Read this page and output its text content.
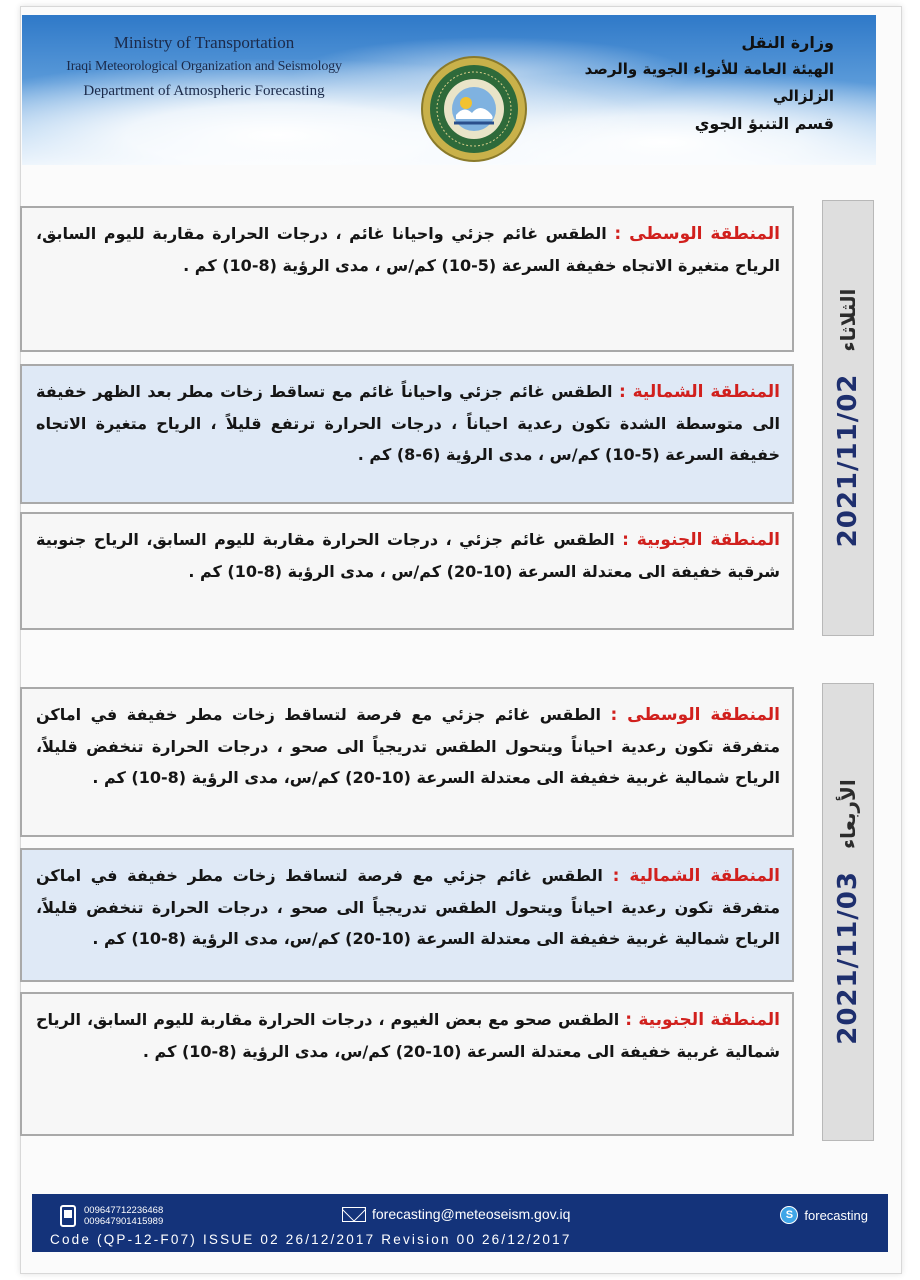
Ministry of Transportation
Iraqi Meteorological Organization and Seismology
Department of Atmospheric Forecasting
وزارة النقل
الهيئة العامة للأنواء الجوية والرصد الزلزالي
قسم التنبؤ الجوي
المنطقة الوسطى : الطقس غائم جزئي واحيانا غائم ، درجات الحرارة مقاربة لليوم السابق، الرياح متغيرة الاتجاه خفيفة السرعة (5-10) كم/س ، مدى الرؤية (8-10) كم .
المنطقة الشمالية : الطقس غائم جزئي واحياناً غائم مع تساقط زخات مطر بعد الظهر خفيفة الى متوسطة الشدة تكون رعدية احياناً ، درجات الحرارة ترتفع قليلاً ، الرياح متغيرة الاتجاه خفيفة السرعة (5-10) كم/س ، مدى الرؤية (6-8) كم .
المنطقة الجنوبية : الطقس غائم جزئي ، درجات الحرارة مقاربة لليوم السابق، الرياح جنوبية شرقية خفيفة الى معتدلة السرعة (10-20) كم/س ، مدى الرؤية (8-10) كم .
2021/11/02
الثلاثاء
المنطقة الوسطى : الطقس غائم جزئي مع فرصة لتساقط زخات مطر خفيفة في اماكن متفرقة تكون رعدية احياناً ويتحول الطقس تدريجياً الى صحو ، درجات الحرارة تنخفض قليلاً، الرياح شمالية غربية خفيفة الى معتدلة السرعة (10-20) كم/س، مدى الرؤية (8-10) كم .
المنطقة الشمالية : الطقس غائم جزئي مع فرصة لتساقط زخات مطر خفيفة في اماكن متفرقة تكون رعدية احياناً ويتحول الطقس تدريجياً الى صحو ، درجات الحرارة تنخفض قليلاً، الرياح شمالية غربية خفيفة الى معتدلة السرعة (10-20) كم/س، مدى الرؤية (8-10) كم .
المنطقة الجنوبية : الطقس صحو مع بعض الغيوم ، درجات الحرارة مقاربة لليوم السابق، الرياح شمالية غربية خفيفة الى معتدلة السرعة (10-20) كم/س، مدى الرؤية (8-10) كم .
2021/11/03
الأربعاء
009647712236468
009647901415989	forecasting@meteoseism.gov.iq	S forecasting
Code (QP-12-F07) ISSUE 02 26/12/2017 Revision 00 26/12/2017
